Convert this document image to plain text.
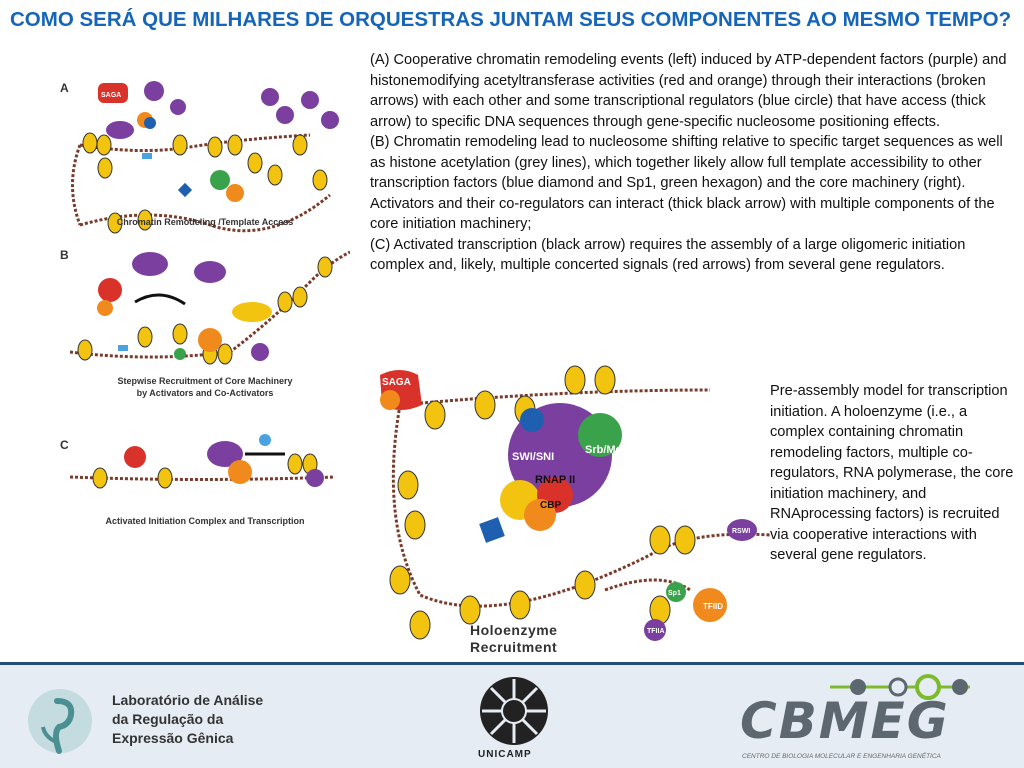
COMO SERÁ QUE MILHARES DE ORQUESTRAS JUNTAM SEUS COMPONENTES AO MESMO TEMPO?

(A) Cooperative chromatin remodeling events (left) induced by ATP-dependent factors (purple) and histonemodifying acetyltransferase activities (red and orange) through their interactions (broken arrows) with each other and some transcriptional regulators (blue circle) that have access (thick arrow) to specific DNA sequences through gene-specific nucleosome positioning effects.

(B) Chromatin remodeling lead to nucleosome shifting relative to specific target sequences as well as histone acetylation (grey lines), which together likely allow full template accessibility to other transcription factors (blue diamond and Sp1, green hexagon) and the core machinery (right). Activators and their co-regulators can interact (thick black arrow) with multiple components of the core initiation machinery;

(C) Activated transcription (black arrow) requires the assembly of a large oligomeric initiation complex and, likely, multiple concerted signals (red arrows) from several gene regulators.

A
SAGA
Chromatin Remodeling /Template Access
B
Stepwise Recruitment of Core Machinery
by Activators and Co-Activators
C
Activated Initiation Complex and Transcription
SAGA
SWI/SNI
Srb/Med
RNAP II
CBP
RSWI
Sp1
TFIID
TFIIA
Holoenzyme
Recruitment
Pre-assembly model for transcription initiation. A holoenzyme (i.e., a complex containing chromatin remodeling factors, multiple co-regulators, RNA polymerase, the core initiation machinery, and RNAprocessing factors) is recruited via cooperative interactions with several gene regulators.
Laboratório de Análise
da Regulação da
Expressão Gênica
UNICAMP
CBMEG
CENTRO DE BIOLOGIA MOLECULAR E ENGENHARIA GENÉTICA
